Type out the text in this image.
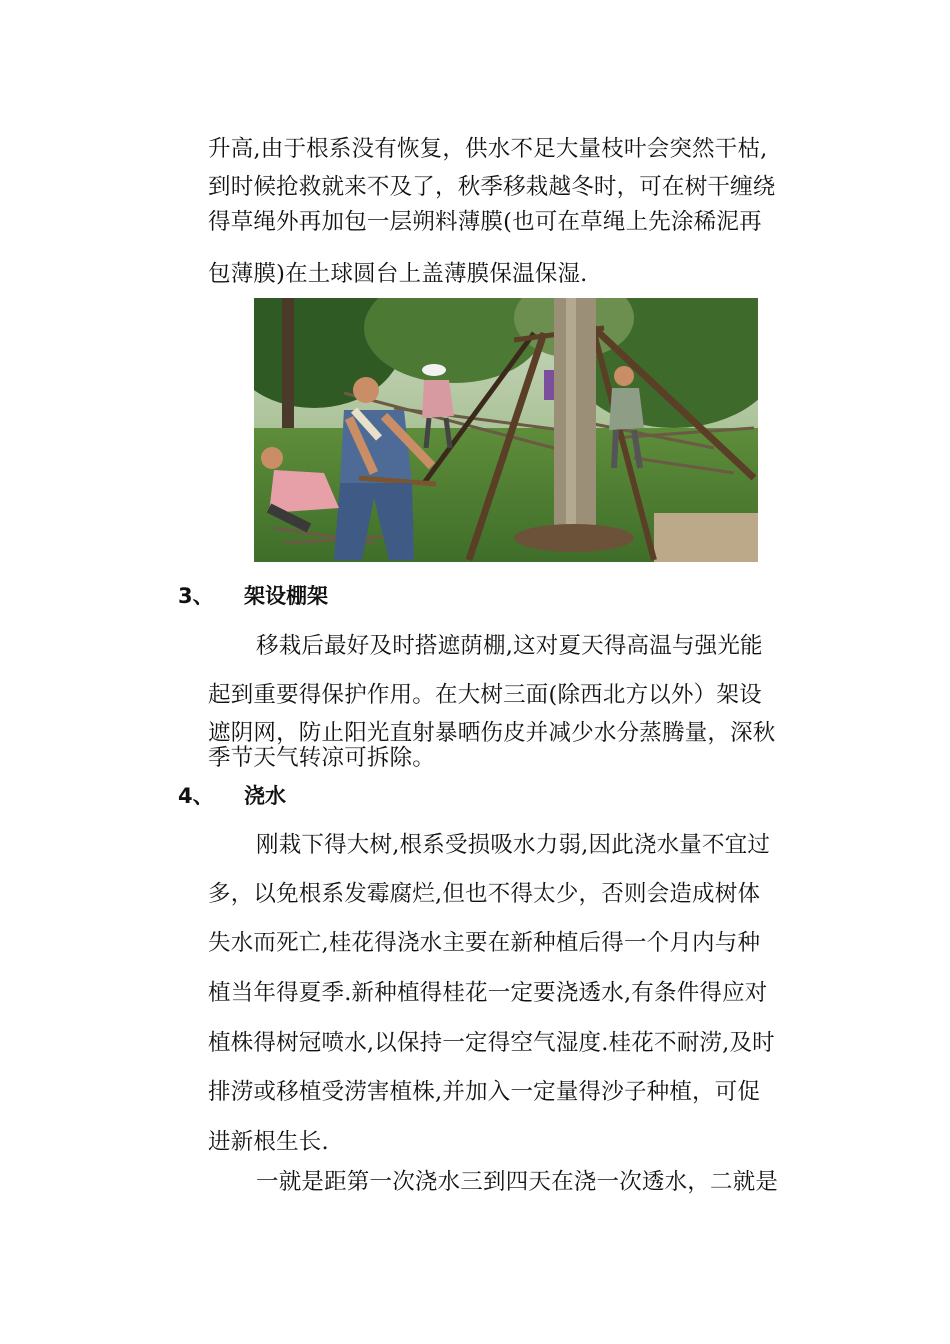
升高,由于根系没有恢复，供水不足大量枝叶会突然干枯,
到时候抢救就来不及了，秋季移栽越冬时，可在树干缠绕
得草绳外再加包一层朔料薄膜(也可在草绳上先涂稀泥再
包薄膜)在土球圆台上盖薄膜保温保湿.
3、 架设棚架
移栽后最好及时搭遮荫棚,这对夏天得高温与强光能
起到重要得保护作用。在大树三面(除西北方以外）架设
遮阴网，防止阳光直射暴晒伤皮并减少水分蒸腾量，深秋
季节天气转凉可拆除。
4、 浇水
刚栽下得大树,根系受损吸水力弱,因此浇水量不宜过
多，以免根系发霉腐烂,但也不得太少，否则会造成树体
失水而死亡,桂花得浇水主要在新种植后得一个月内与种
植当年得夏季.新种植得桂花一定要浇透水,有条件得应对
植株得树冠喷水,以保持一定得空气湿度.桂花不耐涝,及时
排涝或移植受涝害植株,并加入一定量得沙子种植，可促
进新根生长.
一就是距第一次浇水三到四天在浇一次透水，二就是
